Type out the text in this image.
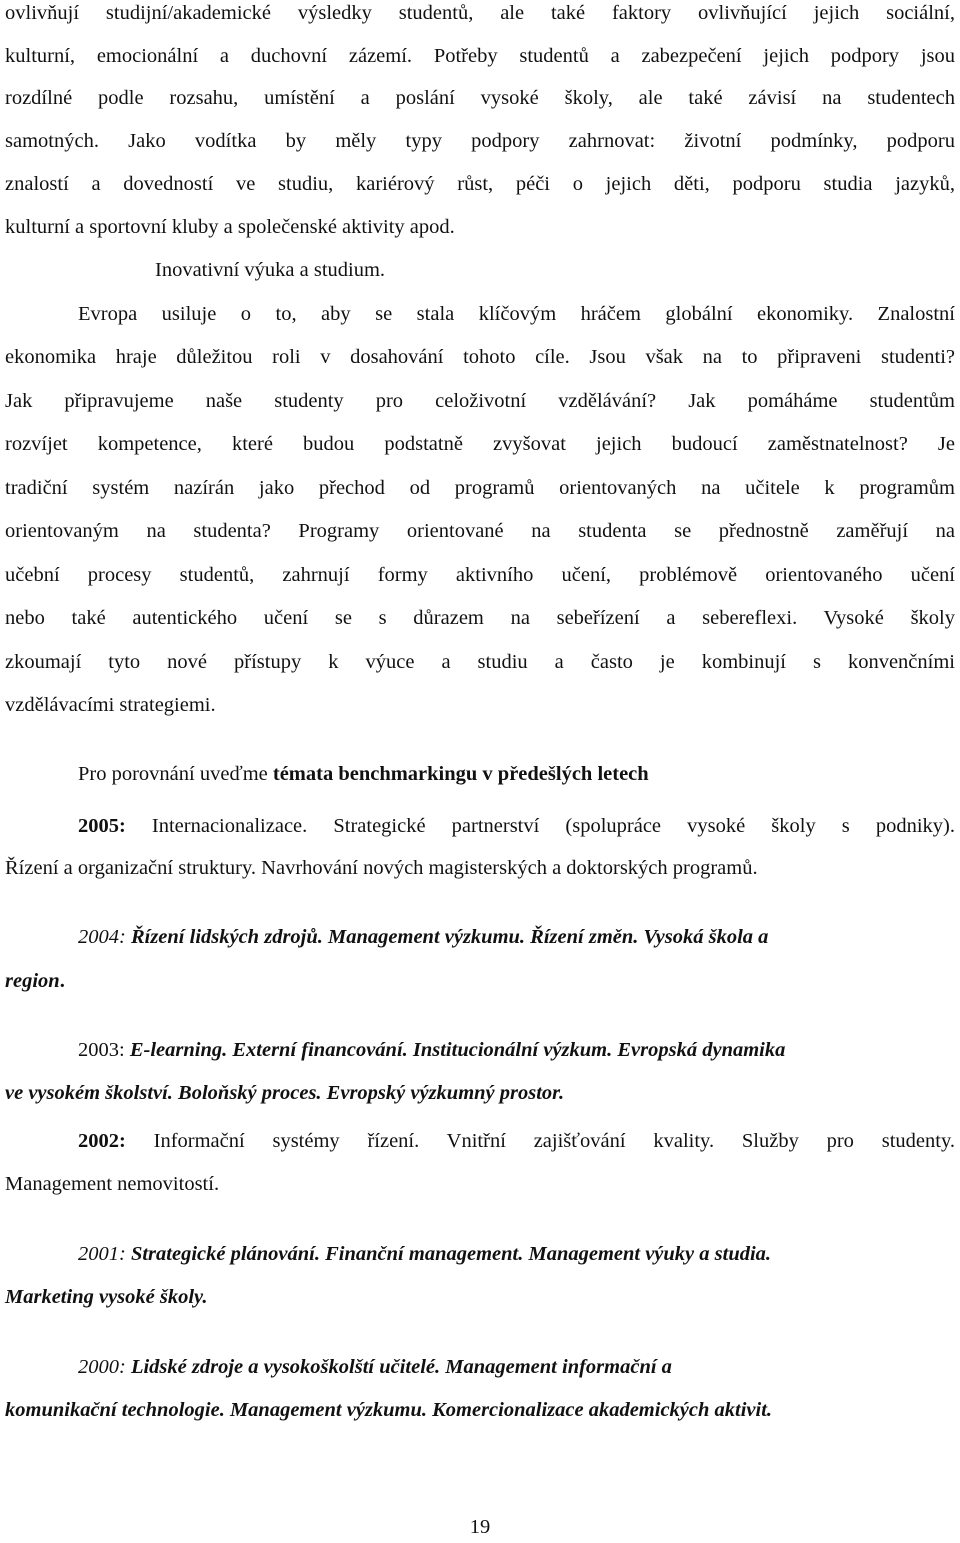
ovlivňují studijní/akademické výsledky studentů, ale také faktory ovlivňující jejich sociální,
kulturní, emocionální a duchovní zázemí. Potřeby studentů a zabezpečení jejich podpory jsou
rozdílné podle rozsahu, umístění a poslání vysoké školy, ale také závisí na studentech
samotných. Jako vodítka by měly typy podpory zahrnovat: životní podmínky, podporu
znalostí a dovedností ve studiu, kariérový růst, péči o jejich děti, podporu studia jazyků,
kulturní a sportovní kluby a společenské aktivity apod.
Inovativní výuka a studium.
Evropa usiluje o to, aby se stala klíčovým hráčem globální ekonomiky. Znalostní
ekonomika hraje důležitou roli v dosahování tohoto cíle. Jsou však na to připraveni studenti?
Jak připravujeme naše studenty pro celoživotní vzdělávání? Jak pomáháme studentům
rozvíjet kompetence, které budou podstatně zvyšovat jejich budoucí zaměstnatelnost? Je
tradiční systém nazírán jako přechod od programů orientovaných na učitele k programům
orientovaným na studenta? Programy orientované na studenta se přednostně zaměřují na
učební procesy studentů, zahrnují formy aktivního učení, problémově orientovaného učení
nebo také autentického učení se s důrazem na sebeřízení a sebereflexi. Vysoké školy
zkoumají tyto nové přístupy k výuce a studiu a často je kombinují s konvenčními
vzdělávacími strategiemi.
Pro porovnání uveďme témata benchmarkingu v předešlých letech
2005: Internacionalizace. Strategické partnerství (spolupráce vysoké školy s podniky).
Řízení a organizační struktury. Navrhování nových magisterských a doktorských programů.
2004: Řízení lidských zdrojů. Management výzkumu. Řízení změn. Vysoká škola a
region.
2003: E-learning. Externí financování. Institucionální výzkum. Evropská dynamika
ve vysokém školství. Boloňský proces. Evropský výzkumný prostor.
2002: Informační systémy řízení. Vnitřní zajišťování kvality. Služby pro studenty.
Management nemovitostí.
2001: Strategické plánování. Finanční management. Management výuky a studia.
Marketing vysoké školy.
2000: Lidské zdroje a vysokoškolští učitelé. Management informační a
komunikační technologie. Management výzkumu. Komercionalizace akademických aktivit.
19
